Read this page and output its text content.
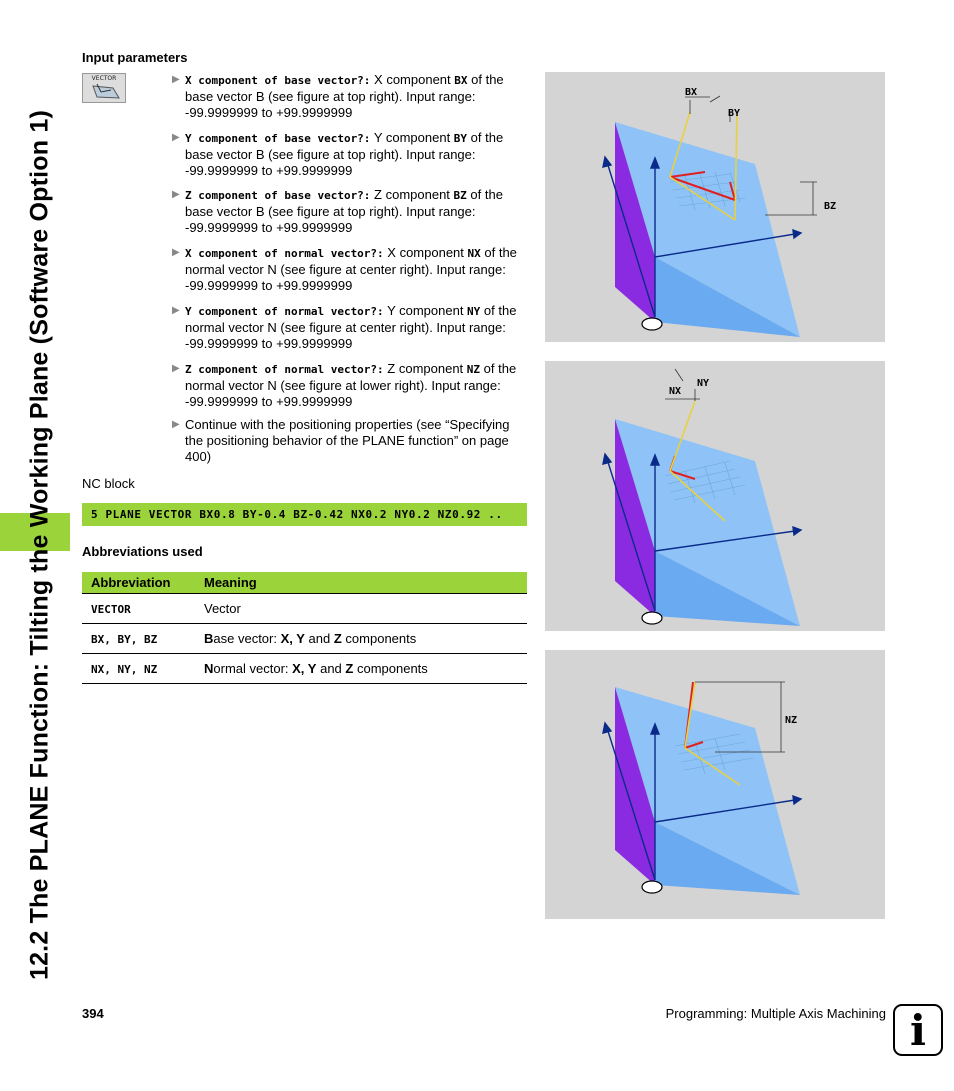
12.2 The PLANE Function: Tilting the Working Plane (Software Option 1)
Input parameters
VECTOR	▶ X component of base vector?: X component BX of the base vector B (see figure at top right). Input range: -99.9999999 to +99.9999999
▶ Y component of base vector?: Y component BY of the base vector B (see figure at top right). Input range: -99.9999999 to +99.9999999
▶ Z component of base vector?: Z component BZ of the base vector B (see figure at top right). Input range: -99.9999999 to +99.9999999
▶ X component of normal vector?: X component NX of the normal vector N (see figure at center right). Input range: -99.9999999 to +99.9999999
▶ Y component of normal vector?: Y component NY of the normal vector N (see figure at center right). Input range: -99.9999999 to +99.9999999
▶ Z component of normal vector?: Z component NZ of the normal vector N (see figure at lower right). Input range: -99.9999999 to +99.9999999
▶ Continue with the positioning properties (see “Specifying the positioning behavior of the PLANE function” on page 400)
NC block
5 PLANE VECTOR BX0.8 BY-0.4 BZ-0.42 NX0.2 NY0.2 NZ0.92 ..
Abbreviations used
Abbreviation	Meaning
VECTOR	Vector
BX, BY, BZ	Base vector: X, Y and Z components
NX, NY, NZ	Normal vector: X, Y and Z components
BX
BY
BZ
NX
NY
NZ
394	Programming: Multiple Axis Machining i
